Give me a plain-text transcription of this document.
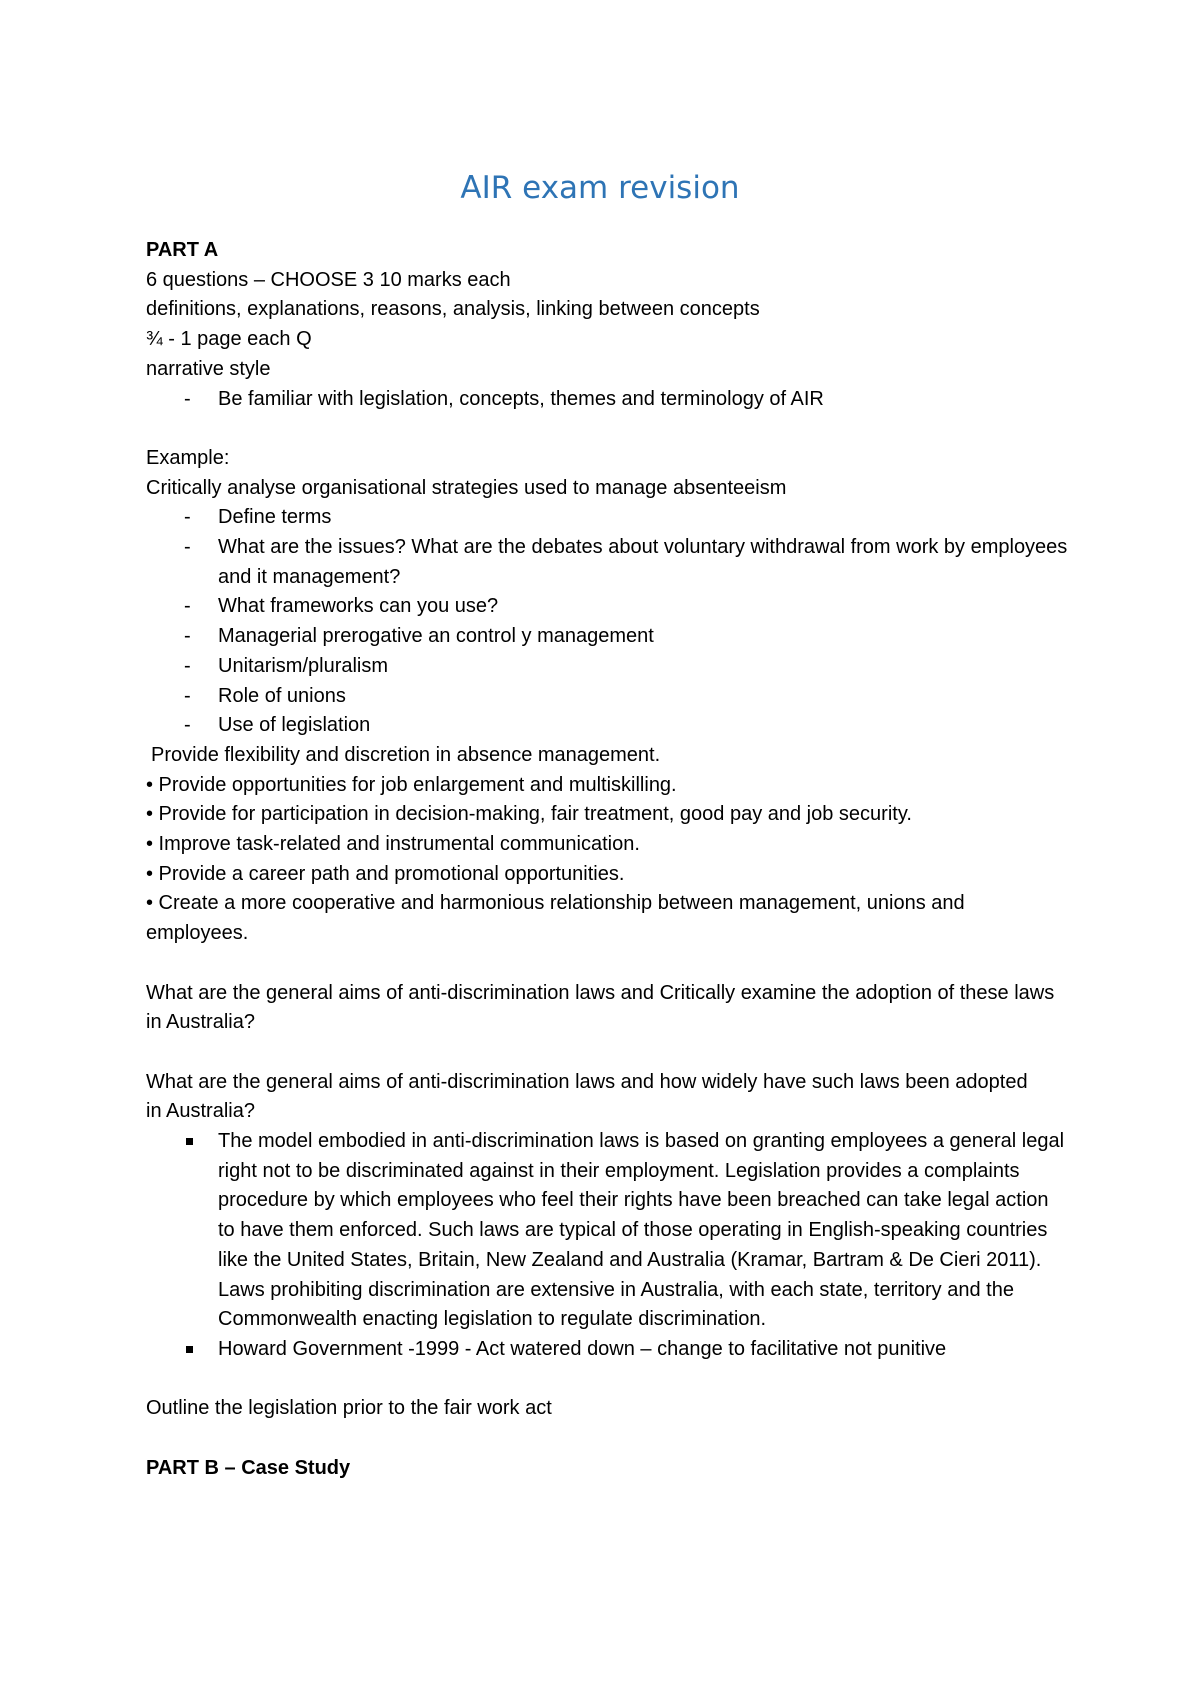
AIR exam revision

PART A

6 questions – CHOOSE 3 10 marks each

definitions, explanations, reasons, analysis, linking between concepts

¾ - 1 page each Q

narrative style

- Be familiar with legislation, concepts, themes and terminology of AIR

Example:

Critically analyse organisational strategies used to manage absenteeism

- Define terms
- What are the issues? What are the debates about voluntary withdrawal from work by employees and it management?
- What frameworks can you use?
- Managerial prerogative an control y management
- Unitarism/pluralism
- Role of unions
- Use of legislation

Provide flexibility and discretion in absence management.

• Provide opportunities for job enlargement and multiskilling.

• Provide for participation in decision-making, fair treatment, good pay and job security.

• Improve task-related and instrumental communication.

• Provide a career path and promotional opportunities.

• Create a more cooperative and harmonious relationship between management, unions and employees.

What are the general aims of anti-discrimination laws and Critically examine the adoption of these laws in Australia?

What are the general aims of anti-discrimination laws and how widely have such laws been adopted in Australia?

The model embodied in anti-discrimination laws is based on granting employees a general legal right not to be discriminated against in their employment. Legislation provides a complaints procedure by which employees who feel their rights have been breached can take legal action to have them enforced. Such laws are typical of those operating in English-speaking countries like the United States, Britain, New Zealand and Australia (Kramar, Bartram & De Cieri 2011). Laws prohibiting discrimination are extensive in Australia, with each state, territory and the Commonwealth enacting legislation to regulate discrimination.
Howard Government -1999 - Act watered down – change to facilitative not punitive

Outline the legislation prior to the fair work act

PART B – Case Study
